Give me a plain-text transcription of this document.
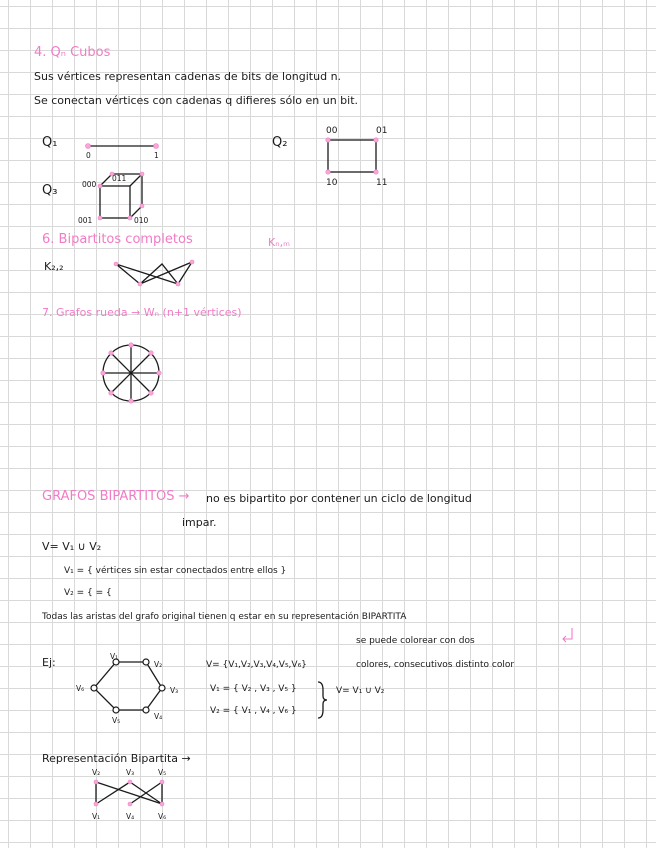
4. Qₙ Cubos
Sus vértices representan cadenas de bits de longitud n.
Se conectan vértices con cadenas q difieres sólo en un bit.
Q₁
0	1
Q₂
00	01
10	11
Q₃	000
011
001	010
6. Bipartitos completos	Kₙ,ₘ
K₂,₂
7. Grafos rueda → Wₙ (n+1 vértices)
GRAFOS BIPARTITOS → no es bipartito por contener un ciclo de longitud
impar.
V= V₁ ∪ V₂
V₁ = { vértices sin estar conectados entre ellos }
V₂ = { = {
Todas las aristas del grafo original tienen q estar en su representación BIPARTITA
se puede colorear con dos
Ej:	V₁
V₂
V₃
V₄
V₅
V₆
V= {V₁,V₂,V₃,V₄,V₅,V₆}	colores, consecutivos distinto color
V₁ = { V₂ , V₃ , V₅ }
V₂ = { V₁ , V₄ , V₆ }
V= V₁ ∪ V₂
Representación Bipartita →
V₂	V₃	V₅
V₁	V₄	V₆
